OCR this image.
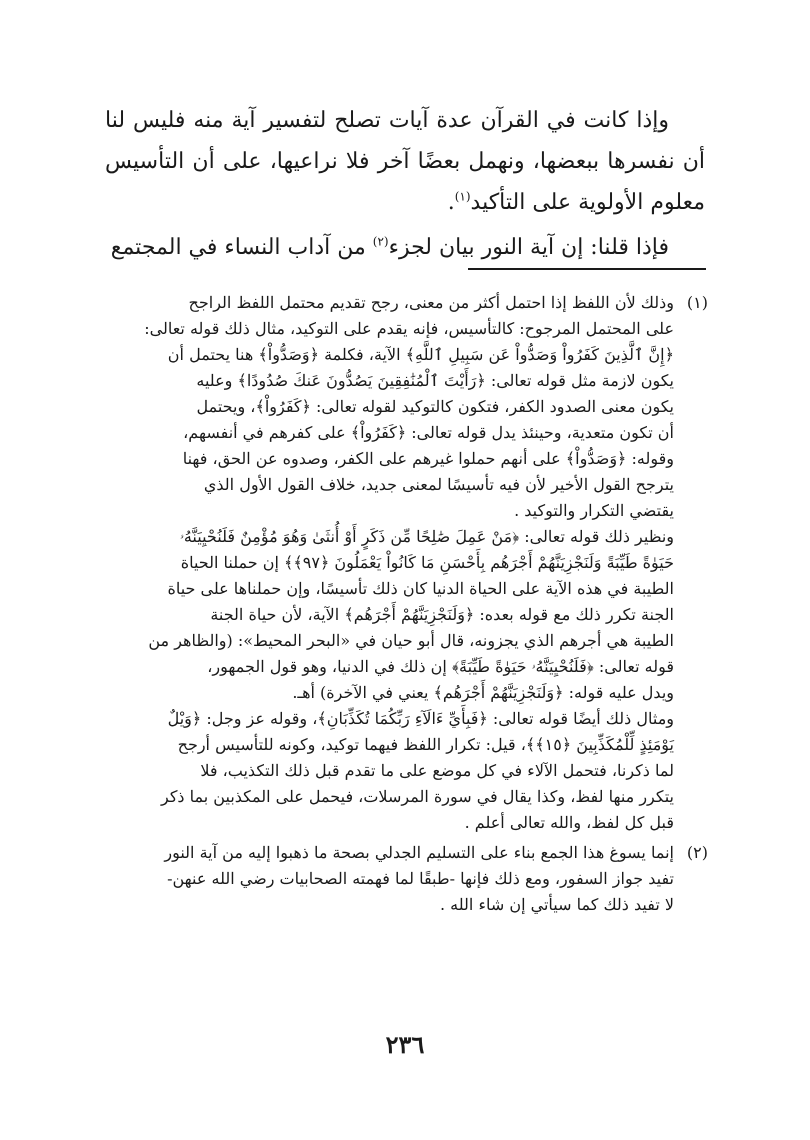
وإذا كانت في القرآن عدة آيات تصلح لتفسير آية منه فليس لنا أن نفسرها ببعضها، ونهمل بعضًا آخر فلا نراعيها، على أن التأسيس معلوم الأولوية على التأكيد$^{(١)}$.

فإذا قلنا: إن آية النور بيان لجزء$^{(٢)}$ من آداب النساء في المجتمع

(١)وذلك لأن اللفظ إذا احتمل أكثر من معنى، رجح تقديم محتمل اللفظ الراجح

على المحتمل المرجوح: كالتأسيس، فإنه يقدم على التوكيد، مثال ذلك قوله تعالى:

﴿إِنَّ ٱلَّذِينَ كَفَرُواْ وَصَدُّواْ عَن سَبِيلِ ٱللَّهِ﴾ الآية، فكلمة ﴿وَصَدُّواْ﴾ هنا يحتمل أن

يكون لازمة مثل قوله تعالى: ﴿رَأَيْتَ ٱلْمُنَٰفِقِينَ يَصُدُّونَ عَنكَ صُدُودًا﴾ وعليه

يكون معنى الصدود الكفر، فتكون كالتوكيد لقوله تعالى: ﴿كَفَرُواْ﴾، ويحتمل

أن تكون متعدية، وحينئذ يدل قوله تعالى: ﴿كَفَرُواْ﴾ على كفرهم في أنفسهم،

وقوله: ﴿وَصَدُّواْ﴾ على أنهم حملوا غيرهم على الكفر، وصدوه عن الحق، فهنا

يترجح القول الأخير لأن فيه تأسيسًا لمعنى جديد، خلاف القول الأول الذي

يقتضي التكرار والتوكيد .

ونظير ذلك قوله تعالى: ﴿مَنْ عَمِلَ صَٰلِحًا مِّن ذَكَرٍ أَوْ أُنثَىٰ وَهُوَ مُؤْمِنٌ فَلَنُحْيِيَنَّهُۥ

حَيَوٰةً طَيِّبَةً وَلَنَجْزِيَنَّهُمْ أَجْرَهُم بِأَحْسَنِ مَا كَانُواْ يَعْمَلُونَ ﴿٩٧﴾﴾ إن حملنا الحياة

الطيبة في هذه الآية على الحياة الدنيا كان ذلك تأسيسًا، وإن حملناها على حياة

الجنة تكرر ذلك مع قوله بعده: ﴿وَلَنَجْزِيَنَّهُمْ أَجْرَهُم﴾ الآية، لأن حياة الجنة

الطيبة هي أجرهم الذي يجزونه، قال أبو حيان في «البحر المحيط»: (والظاهر من

قوله تعالى: ﴿فَلَنُحْيِيَنَّهُۥ حَيَوٰةً طَيِّبَةً﴾ إن ذلك في الدنيا، وهو قول الجمهور،

ويدل عليه قوله: ﴿وَلَنَجْزِيَنَّهُمْ أَجْرَهُم﴾ يعني في الآخرة) أهـ.

ومثال ذلك أيضًا قوله تعالى: ﴿فَبِأَيِّ ءَالَآءِ رَبِّكُمَا تُكَذِّبَانِ﴾، وقوله عز وجل: ﴿وَيْلٌ

يَوْمَئِذٍ لِّلْمُكَذِّبِينَ ﴿١٥﴾﴾، قيل: تكرار اللفظ فيهما توكيد، وكونه للتأسيس أرجح

لما ذكرنا، فتحمل الآلاء في كل موضع على ما تقدم قبل ذلك التكذيب، فلا

يتكرر منها لفظ، وكذا يقال في سورة المرسلات، فيحمل على المكذبين بما ذكر

قبل كل لفظ، والله تعالى أعلم .

(٢)إنما يسوغ هذا الجمع بناء على التسليم الجدلي بصحة ما ذهبوا إليه من آية النور

تفيد جواز السفور، ومع ذلك فإنها -طبقًا لما فهمته الصحابيات رضي الله عنهن-

لا تفيد ذلك كما سيأتي إن شاء الله .

٢٣٦
